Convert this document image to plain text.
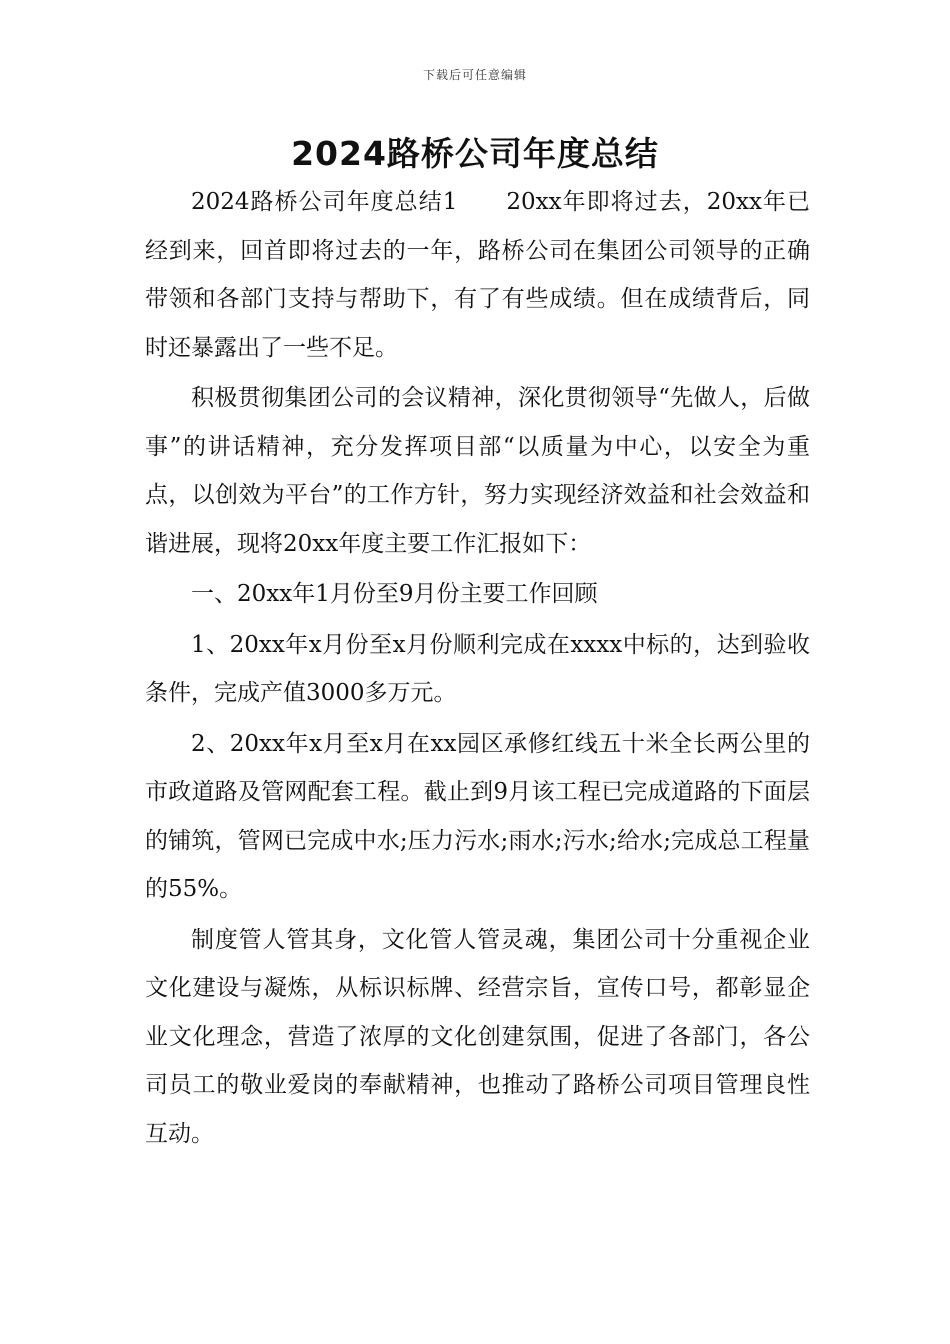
下载后可任意编辑
2024路桥公司年度总结

2024路桥公司年度总结1　　20xx年即将过去，20xx年已经到来，回首即将过去的一年，路桥公司在集团公司领导的正确带领和各部门支持与帮助下，有了有些成绩。但在成绩背后，同时还暴露出了一些不足。

积极贯彻集团公司的会议精神，深化贯彻领导“先做人，后做事”的讲话精神，充分发挥项目部“以质量为中心，以安全为重点，以创效为平台”的工作方针，努力实现经济效益和社会效益和谐进展，现将20xx年度主要工作汇报如下：

一、20xx年1月份至9月份主要工作回顾

1、20xx年x月份至x月份顺利完成在xxxx中标的，达到验收条件，完成产值3000多万元。

2、20xx年x月至x月在xx园区承修红线五十米全长两公里的市政道路及管网配套工程。截止到9月该工程已完成道路的下面层的铺筑，管网已完成中水;压力污水;雨水;污水;给水;完成总工程量的55%。

制度管人管其身，文化管人管灵魂，集团公司十分重视企业文化建设与凝炼，从标识标牌、经营宗旨，宣传口号，都彰显企业文化理念，营造了浓厚的文化创建氛围，促进了各部门，各公司员工的敬业爱岗的奉献精神，也推动了路桥公司项目管理良性互动。
